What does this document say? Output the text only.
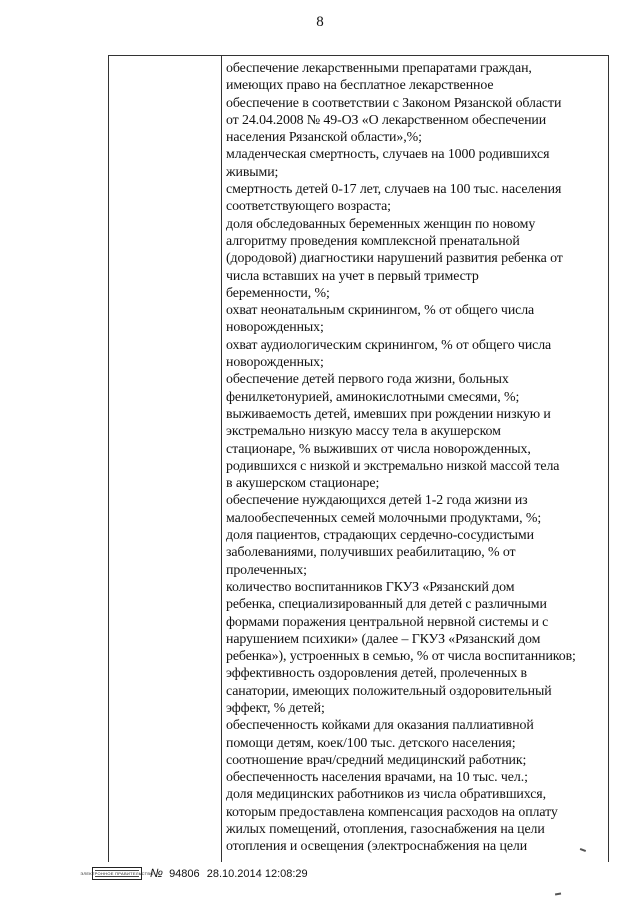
8
обеспечение лекарственными препаратами граждан,
имеющих право на бесплатное лекарственное
обеспечение в соответствии с Законом Рязанской области
от 24.04.2008 № 49-ОЗ «О лекарственном обеспечении
населения Рязанской области»,%;
младенческая смертность, случаев на 1000 родившихся
живыми;
смертность детей 0-17 лет, случаев на 100 тыс. населения
соответствующего возраста;
доля обследованных беременных женщин по новому
алгоритму проведения комплексной пренатальной
(дородовой) диагностики нарушений развития ребенка от
числа вставших на учет в первый триместр
беременности, %;
охват неонатальным скринингом, % от общего числа
новорожденных;
охват аудиологическим скринингом, % от общего числа
новорожденных;
обеспечение детей первого года жизни, больных
фенилкетонурией, аминокислотными смесями, %;
выживаемость детей, имевших при рождении низкую и
экстремально низкую массу тела в акушерском
стационаре, % выживших от числа новорожденных,
родившихся с низкой и экстремально низкой массой тела
в акушерском стационаре;
обеспечение нуждающихся детей 1-2 года жизни из
малообеспеченных семей молочными продуктами, %;
доля пациентов, страдающих сердечно-сосудистыми
заболеваниями, получивших реабилитацию, % от
пролеченных;
количество воспитанников ГКУЗ «Рязанский дом
ребенка, специализированный для детей с различными
формами поражения центральной нервной системы и с
нарушением психики» (далее – ГКУЗ «Рязанский дом
ребенка»), устроенных в семью, % от числа воспитанников;
эффективность оздоровления детей, пролеченных в
санатории, имеющих положительный оздоровительный
эффект, % детей;
обеспеченность койками для оказания паллиативной
помощи детям, коек/100 тыс. детского населения;
соотношение врач/средний медицинский работник;
обеспеченность населения врачами, на 10 тыс. чел.;
доля медицинских работников из числа обратившихся,
которым предоставлена компенсация расходов на оплату
жилых помещений, отопления, газоснабжения на цели
отопления и освещения (электроснабжения на цели
ЭЛЕКТРОННОЕ ПРАВИТЕЛЬСТВО
№ 94806 28.10.2014 12:08:29
